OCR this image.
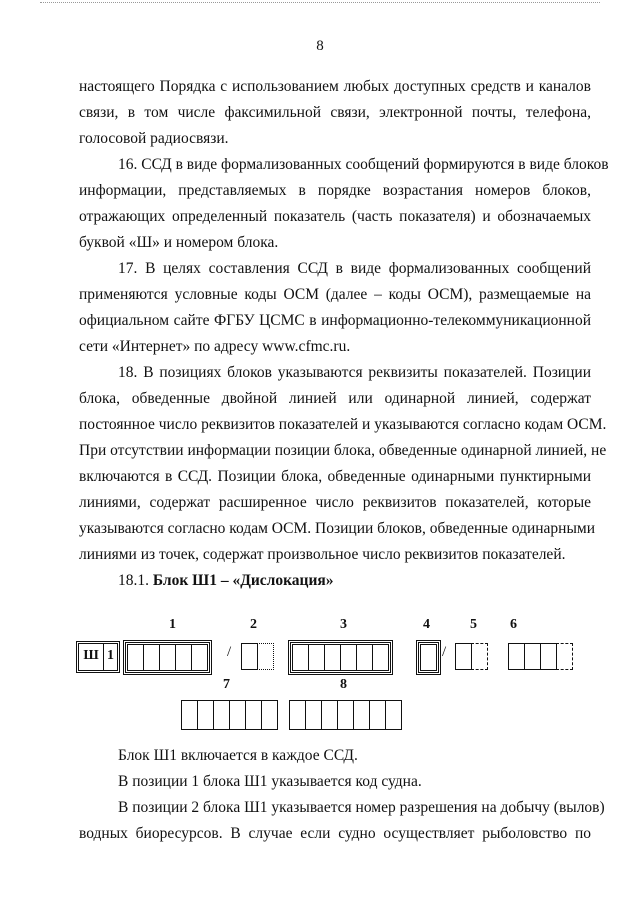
8
настоящего Порядка с использованием любых доступных средств и каналов
связи, в том числе факсимильной связи, электронной почты, телефона,
голосовой радиосвязи.
16. ССД в виде формализованных сообщений формируются в виде блоков
информации, представляемых в порядке возрастания номеров блоков,
отражающих определенный показатель (часть показателя) и обозначаемых
буквой «Ш» и номером блока.
17. В целях составления ССД в виде формализованных сообщений
применяются условные коды ОСМ (далее – коды ОСМ), размещаемые на
официальном сайте ФГБУ ЦСМС в информационно-телекоммуникационной
сети «Интернет» по адресу www.cfmc.ru.
18. В позициях блоков указываются реквизиты показателей. Позиции
блока, обведенные двойной линией или одинарной линией, содержат
постоянное число реквизитов показателей и указываются согласно кодам ОСМ.
При отсутствии информации позиции блока, обведенные одинарной линией, не
включаются в ССД. Позиции блока, обведенные одинарными пунктирными
линиями, содержат расширенное число реквизитов показателей, которые
указываются согласно кодам ОСМ. Позиции блоков, обведенные одинарными
линиями из точек, содержат произвольное число реквизитов показателей.
18.1. Блок Ш1 – «Дислокация»
1	2	3	4	5 6
Ш 1	/	/
7	8
Блок Ш1 включается в каждое ССД.
В позиции 1 блока Ш1 указывается код судна.
В позиции 2 блока Ш1 указывается номер разрешения на добычу (вылов)
водных биоресурсов. В случае если судно осуществляет рыболовство по
